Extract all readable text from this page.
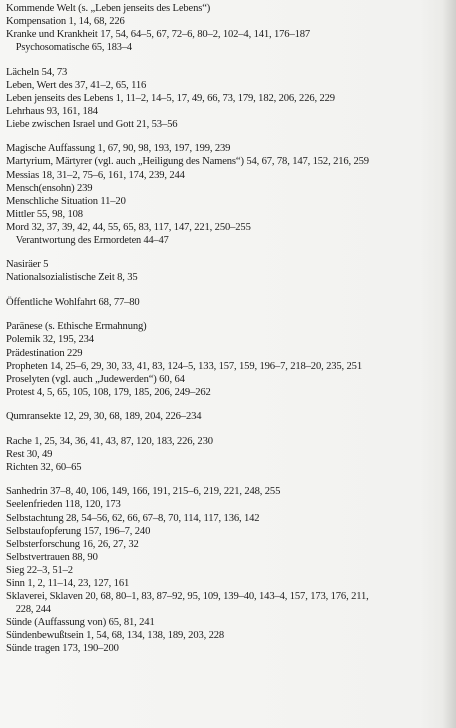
Kommende Welt (s. „Leben jenseits des Lebens“)
Kompensation 1, 14, 68, 226
Kranke und Krankheit 17, 54, 64–5, 67, 72–6, 80–2, 102–4, 141, 176–187
Psychosomatische 65, 183–4
Lächeln 54, 73
Leben, Wert des 37, 41–2, 65, 116
Leben jenseits des Lebens 1, 11–2, 14–5, 17, 49, 66, 73, 179, 182, 206, 226, 229
Lehrhaus 93, 161, 184
Liebe zwischen Israel und Gott 21, 53–56
Magische Auffassung 1, 67, 90, 98, 193, 197, 199, 239
Martyrium, Märtyrer (vgl. auch „Heiligung des Namens“) 54, 67, 78, 147, 152, 216, 259
Messias 18, 31–2, 75–6, 161, 174, 239, 244
Mensch(ensohn) 239
Menschliche Situation 11–20
Mittler 55, 98, 108
Mord 32, 37, 39, 42, 44, 55, 65, 83, 117, 147, 221, 250–255
Verantwortung des Ermordeten 44–47
Nasiräer 5
Nationalsozialistische Zeit 8, 35
Öffentliche Wohlfahrt 68, 77–80
Paränese (s. Ethische Ermahnung)
Polemik 32, 195, 234
Prädestination 229
Propheten 14, 25–6, 29, 30, 33, 41, 83, 124–5, 133, 157, 159, 196–7, 218–20, 235, 251
Proselyten (vgl. auch „Judewerden“) 60, 64
Protest 4, 5, 65, 105, 108, 179, 185, 206, 249–262
Qumransekte 12, 29, 30, 68, 189, 204, 226–234
Rache 1, 25, 34, 36, 41, 43, 87, 120, 183, 226, 230
Rest 30, 49
Richten 32, 60–65
Sanhedrin 37–8, 40, 106, 149, 166, 191, 215–6, 219, 221, 248, 255
Seelenfrieden 118, 120, 173
Selbstachtung 28, 54–56, 62, 66, 67–8, 70, 114, 117, 136, 142
Selbstaufopferung 157, 196–7, 240
Selbsterforschung 16, 26, 27, 32
Selbstvertrauen 88, 90
Sieg 22–3, 51–2
Sinn 1, 2, 11–14, 23, 127, 161
Sklaverei, Sklaven 20, 68, 80–1, 83, 87–92, 95, 109, 139–40, 143–4, 157, 173, 176, 211,
228, 244
Sünde (Auffassung von) 65, 81, 241
Sündenbewußtsein 1, 54, 68, 134, 138, 189, 203, 228
Sünde tragen 173, 190–200
